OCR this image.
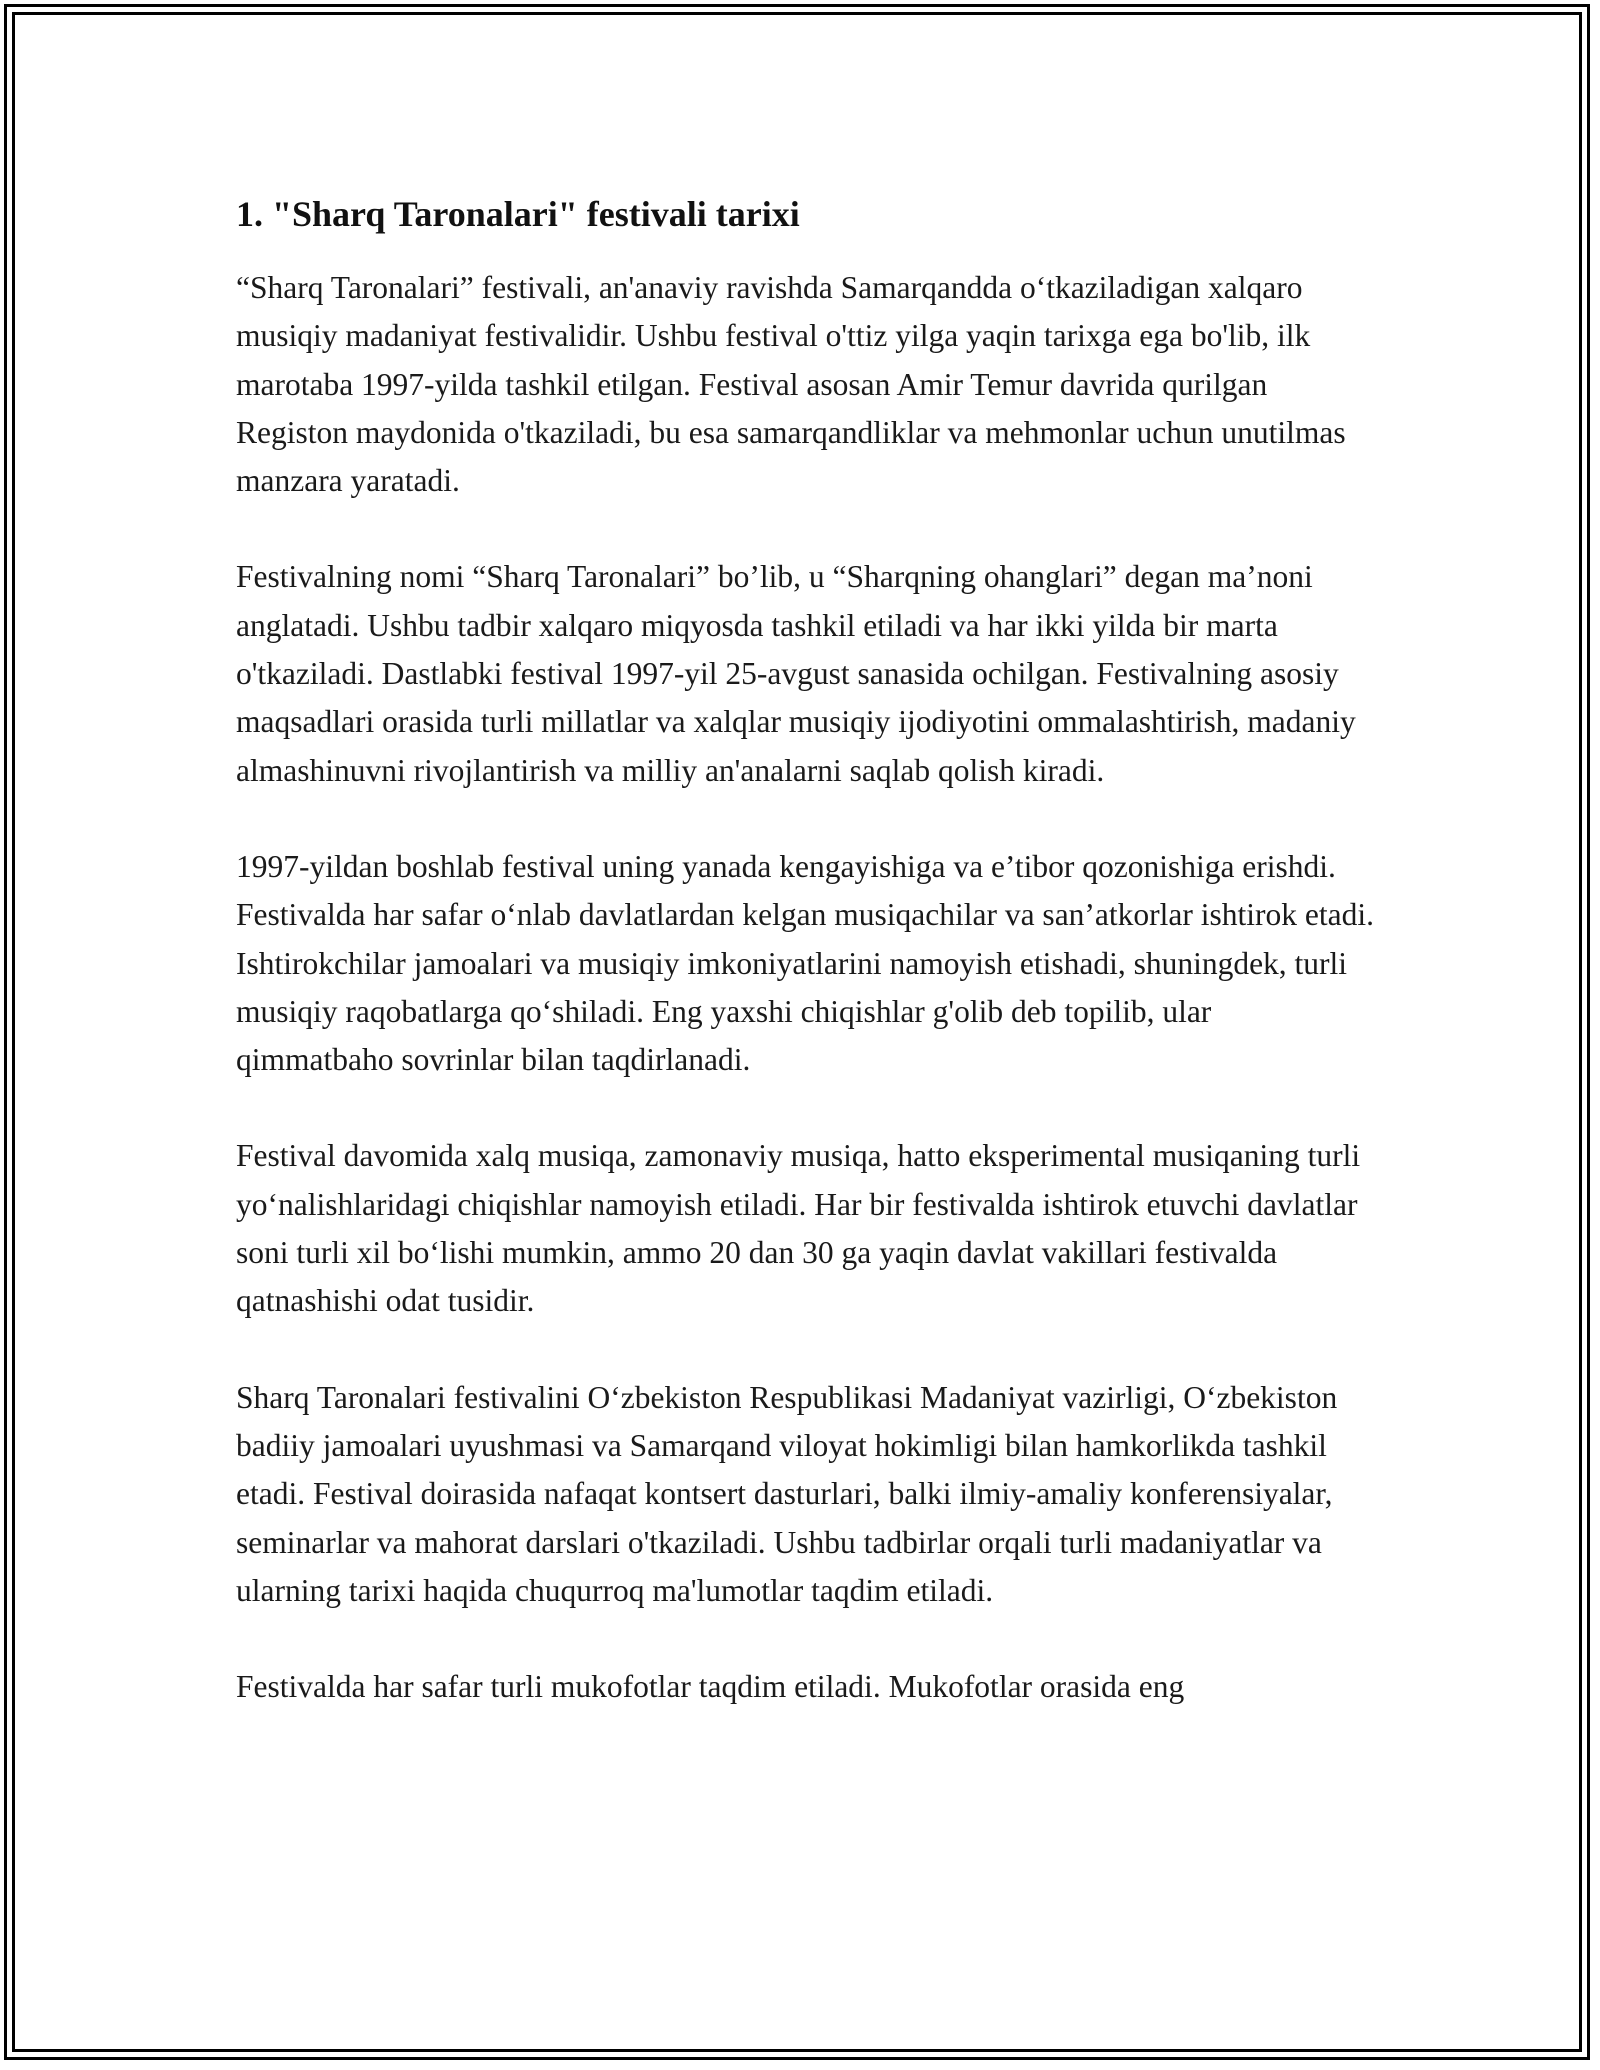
1. "Sharq Taronalari" festivali tarixi

“Sharq Taronalari” festivali, an'anaviy ravishda Samarqandda o‘tkaziladigan xalqaro musiqiy madaniyat festivalidir. Ushbu festival o'ttiz yilga yaqin tarixga ega bo'lib, ilk marotaba 1997-yilda tashkil etilgan. Festival asosan Amir Temur davrida qurilgan Registon maydonida o'tkaziladi, bu esa samarqandliklar va mehmonlar uchun unutilmas manzara yaratadi.

Festivalning nomi “Sharq Taronalari” bo’lib, u “Sharqning ohanglari” degan ma’noni anglatadi. Ushbu tadbir xalqaro miqyosda tashkil etiladi va har ikki yilda bir marta o'tkaziladi. Dastlabki festival 1997-yil 25-avgust sanasida ochilgan. Festivalning asosiy maqsadlari orasida turli millatlar va xalqlar musiqiy ijodiyotini ommalashtirish, madaniy almashinuvni rivojlantirish va milliy an'analarni saqlab qolish kiradi.

1997-yildan boshlab festival uning yanada kengayishiga va e’tibor qozonishiga erishdi. Festivalda har safar o‘nlab davlatlardan kelgan musiqachilar va san’atkorlar ishtirok etadi. Ishtirokchilar jamoalari va musiqiy imkoniyatlarini namoyish etishadi, shuningdek, turli musiqiy raqobatlarga qo‘shiladi. Eng yaxshi chiqishlar g'olib deb topilib, ular qimmatbaho sovrinlar bilan taqdirlanadi.

Festival davomida xalq musiqa, zamonaviy musiqa, hatto eksperimental musiqaning turli yo‘nalishlaridagi chiqishlar namoyish etiladi. Har bir festivalda ishtirok etuvchi davlatlar soni turli xil bo‘lishi mumkin, ammo 20 dan 30 ga yaqin davlat vakillari festivalda qatnashishi odat tusidir.

Sharq Taronalari festivalini O‘zbekiston Respublikasi Madaniyat vazirligi, O‘zbekiston badiiy jamoalari uyushmasi va Samarqand viloyat hokimligi bilan hamkorlikda tashkil etadi. Festival doirasida nafaqat kontsert dasturlari, balki ilmiy-amaliy konferensiyalar, seminarlar va mahorat darslari o'tkaziladi. Ushbu tadbirlar orqali turli madaniyatlar va ularning tarixi haqida chuqurroq ma'lumotlar taqdim etiladi.

Festivalda har safar turli mukofotlar taqdim etiladi. Mukofotlar orasida eng
